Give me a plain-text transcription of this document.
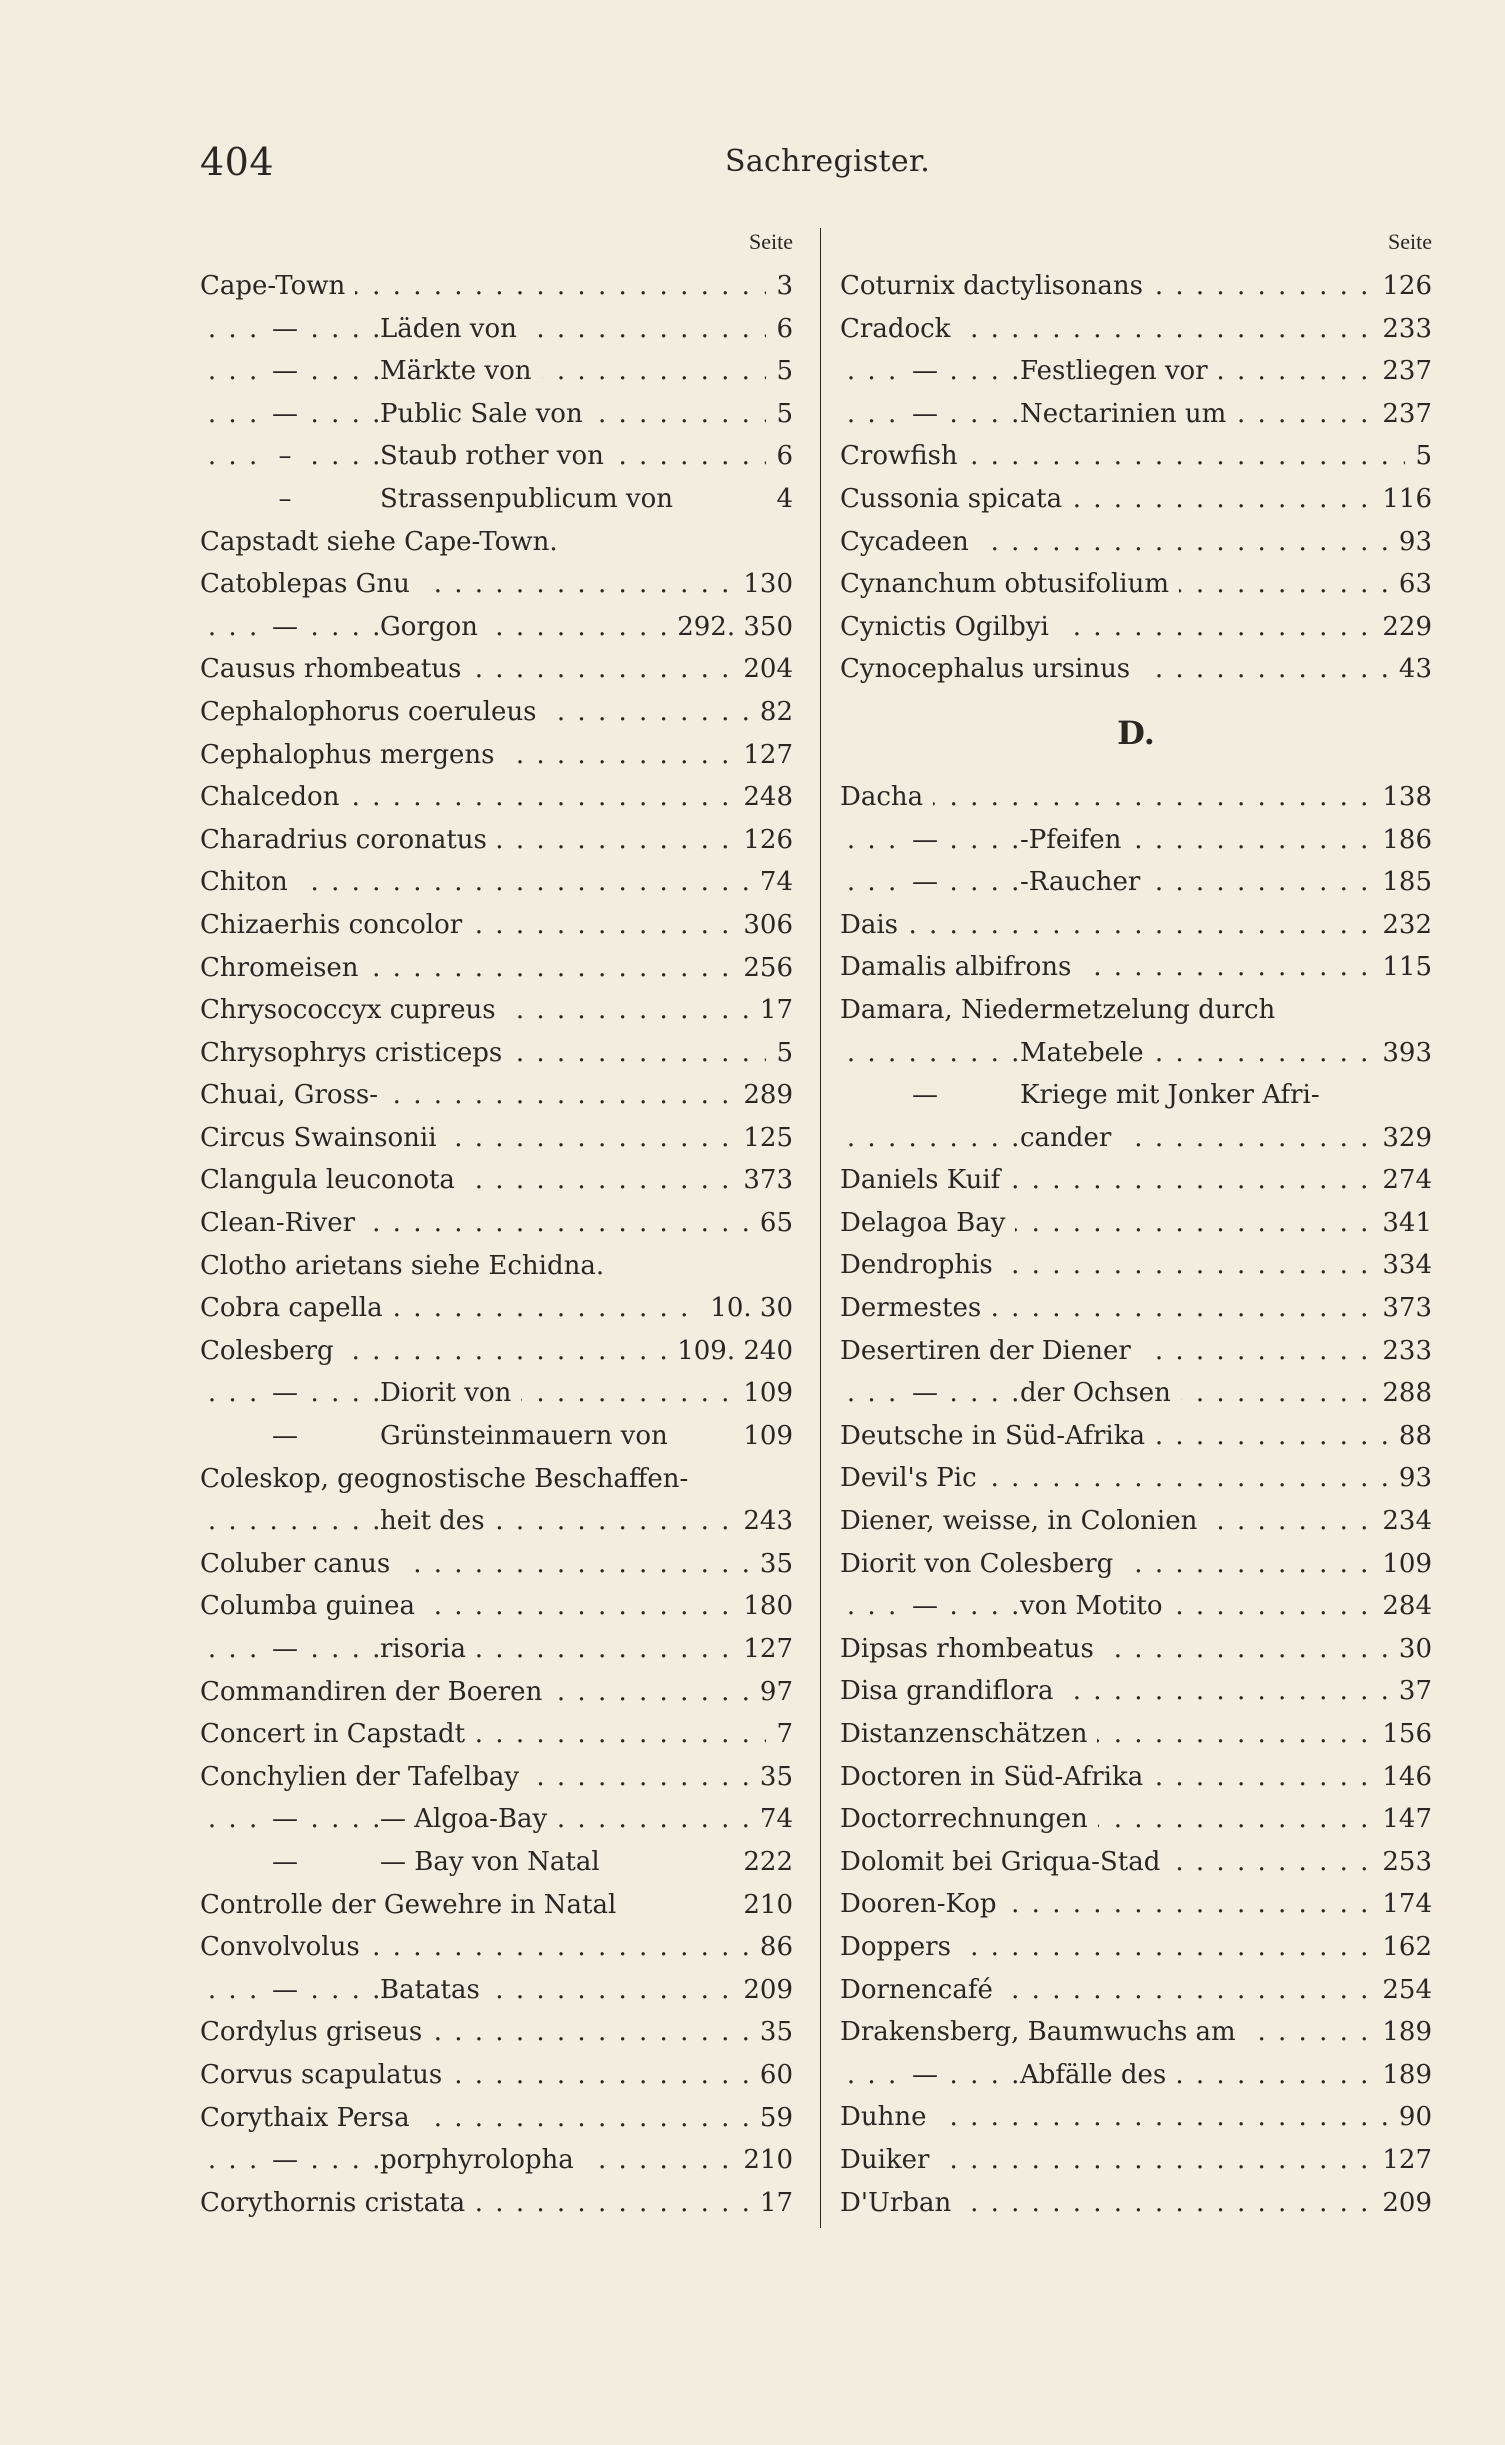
404	Sachregister.
Seite
. . .
Cape-Town	3
. . .
—	Läden von	6
. . .
—	Märkte von	5
. . .
—	Public Sale von	5
. . .
–	Staub rother von	6
–	Strassenpublicum von	4
Capstadt siehe Cape-Town.
. . .
Catoblepas Gnu	130
. . .
—	Gorgon	292. 350
. . .
Causus rhombeatus	204
. . .
Cephalophorus coeruleus	82
. . .
Cephalophus mergens	127
. . .
Chalcedon	248
. . .
Charadrius coronatus	126
. . .
Chiton	74
. . .
Chizaerhis concolor	306
. . .
Chromeisen	256
. . .
Chrysococcyx cupreus	17
. . .
Chrysophrys cristiceps	5
. . .
Chuai, Gross-	289
. . .
Circus Swainsonii	125
. . .
Clangula leuconota	373
. . .
Clean-River	65
Clotho arietans siehe Echidna.
. . .
Cobra capella	10. 30
. . .
Colesberg	109. 240
. . .
—	Diorit von	109
—	Grünsteinmauern von	109
Coleskop, geognostische Beschaffen-
. . .
heit des	243
. . .
Coluber canus	35
. . .
Columba guinea	180
. . .
—	risoria	127
. . .
Commandiren der Boeren	97
. . .
Concert in Capstadt	7
. . .
Conchylien der Tafelbay	35
. . .
—	— Algoa-Bay	74
—	— Bay von Natal	222
Controlle der Gewehre in Natal	210
. . .
Convolvolus	86
. . .
—	Batatas	209
. . .
Cordylus griseus	35
. . .
Corvus scapulatus	60
. . .
Corythaix Persa	59
. . .
—	porphyrolopha	210
. . .
Corythornis cristata	17
Seite
. . .
Coturnix dactylisonans	126
. . .
Cradock	233
. . .
—	Festliegen vor	237
. . .
—	Nectarinien um	237
. . .
Crowfish	5
. . .
Cussonia spicata	116
. . .
Cycadeen	93
. . .
Cynanchum obtusifolium	63
. . .
Cynictis Ogilbyi	229
. . .
Cynocephalus ursinus	43
D.
. . .
Dacha	138
. . .
—	-Pfeifen	186
. . .
—	-Raucher	185
. . .
Dais	232
. . .
Damalis albifrons	115
Damara, Niedermetzelung durch
. . .
Matebele	393
—	Kriege mit Jonker Afri-
. . .
cander	329
. . .
Daniels Kuif	274
. . .
Delagoa Bay	341
. . .
Dendrophis	334
. . .
Dermestes	373
. . .
Desertiren der Diener	233
. . .
—	der Ochsen	288
. . .
Deutsche in Süd-Afrika	88
. . .
Devil's Pic	93
. . .
Diener, weisse, in Colonien	234
. . .
Diorit von Colesberg	109
. . .
—	von Motito	284
. . .
Dipsas rhombeatus	30
. . .
Disa grandiflora	37
. . .
Distanzenschätzen	156
. . .
Doctoren in Süd-Afrika	146
. . .
Doctorrechnungen	147
. . .
Dolomit bei Griqua-Stad	253
. . .
Dooren-Kop	174
. . .
Doppers	162
. . .
Dornencafé	254
. . .
Drakensberg, Baumwuchs am	189
. . .
—	Abfälle des	189
. . .
Duhne	90
. . .
Duiker	127
. . .
D'Urban	209
